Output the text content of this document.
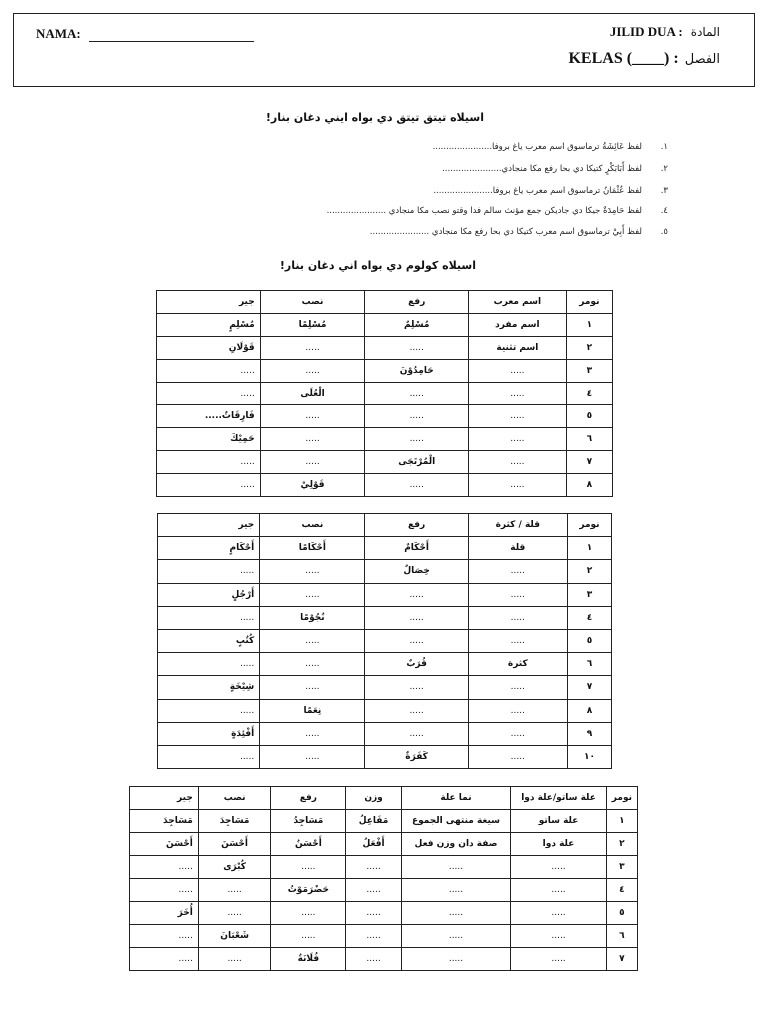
NAMA:	JILID DUA : المادة
KELAS (____) : الفصل
اسيلاه تيتق تيتق دي بواه ايني دغان بنار!
١.لفظ عَائِشَةُ ترماسوق اسم معرب ياغ بروفا......................
٢.لفظ أَبَابَكْرٍ كتيكا دي بحا رفع مكا منجادي......................
٣.لفظ عُثْمَانُ ترماسوق اسم معرب ياغ بروفا......................
٤.لفظ حَامِدَةٌ جيكا دي جاديكن جمع مؤنث سالم فدا وقتو نصب مكا منجادي ......................
٥.لفظ أَبِيْ ترماسوق اسم معرب كتيكا دي بحا رفع مكا منجادي ......................
اسيلاه كولوم دي بواه اني دغان بنار!
نومر	اسم معرب	رفع	نصب	جير
١	اسم مفرد	مُسْلِمٌ	مُسْلِمًا	مُسْلِمٍ
٢	اسم تثنية	.....	.....	قَوْلَانِ
٣	.....	حَامِدُوْنَ	.....	.....
٤	.....	.....	الْعُلَى	.....
٥	.....	.....	.....	فَارِقَاتٌ.....
٦	.....	.....	.....	حَمِيْكَ
٧	.....	الْمُرْتَجَى	.....	.....
٨	.....	.....	قَوْلِيْ	.....
نومر	قلة / كثرة	رفع	نصب	جير
١	قلة	أَحْكَامٌ	أَحْكَامًا	أَحْكَامٍ
٢	.....	خِصَالٌ	.....	.....
٣	.....	.....	.....	أَرْجُلٍ
٤	.....	.....	نُجُوْمًا	.....
٥	.....	.....	.....	كُتُبٍ
٦	كثرة	قُرَبٌ	.....	.....
٧	.....	.....	.....	شِيْخَةٍ
٨	.....	.....	نِعَمًا	.....
٩	.....	.....	.....	أَفْئِدَةٍ
١٠	.....	كَفَرَةٌ	.....	.....
نومر	علة ساتو/علة دوا	نما علة	وزن	رفع	نصب	جير
١	علة ساتو	سيغة منتهى الجموع	مَفَاعِلُ	مَسَاجِدُ	مَسَاجِدَ	مَسَاجِدَ
٢	علة دوا	صفة دان وزن فعل	أَفْعَلُ	أَحْسَنُ	أَحْسَنَ	أَحْسَنَ
٣	.....	.....	.....	.....	كُبْرَى	.....
٤	.....	.....	.....	حَضْرَمَوْتُ	.....	.....
٥	.....	.....	.....	.....	.....	أُخَرَ
٦	.....	.....	.....	.....	شَعْبَانَ	.....
٧	.....	.....	.....	فُلَانَةُ	.....	.....
